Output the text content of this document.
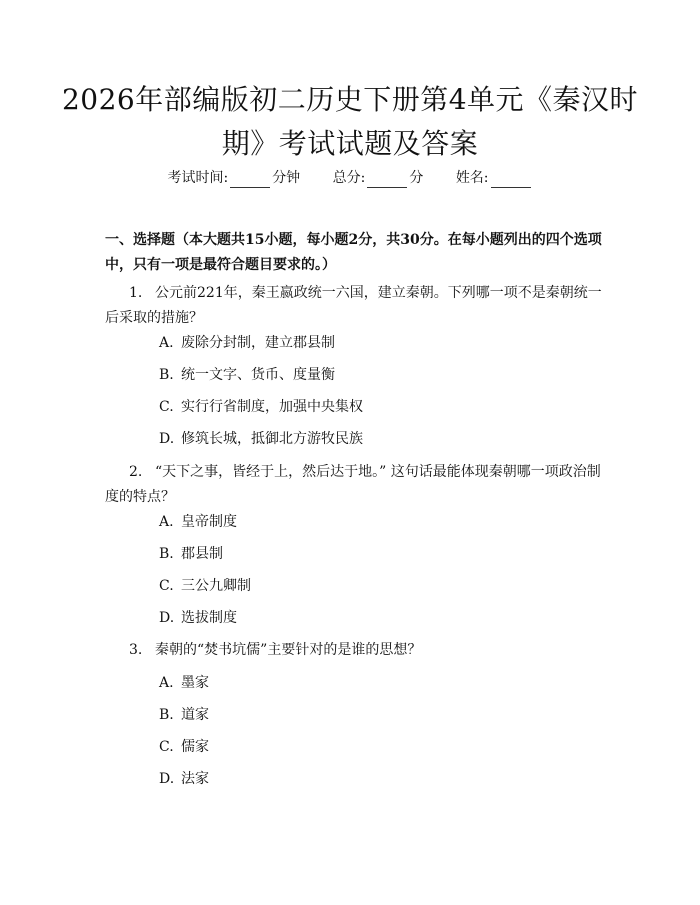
2026年部编版初二历史下册第4单元《秦汉时期》考试试题及答案
考试时间:	分钟 总分:	分 姓名:
一、选择题（本大题共15小题，每小题2分，共30分。在每小题列出的四个选项中，只有一项是最符合题目要求的。）
1. 公元前221年，秦王嬴政统一六国，建立秦朝。下列哪一项不是秦朝统一后采取的措施？
A. 废除分封制，建立郡县制
B. 统一文字、货币、度量衡
C. 实行行省制度，加强中央集权
D. 修筑长城，抵御北方游牧民族
2. “天下之事，皆经于上，然后达于地。” 这句话最能体现秦朝哪一项政治制度的特点？
A. 皇帝制度
B. 郡县制
C. 三公九卿制
D. 选拔制度
3. 秦朝的“焚书坑儒”主要针对的是谁的思想？
A. 墨家
B. 道家
C. 儒家
D. 法家
